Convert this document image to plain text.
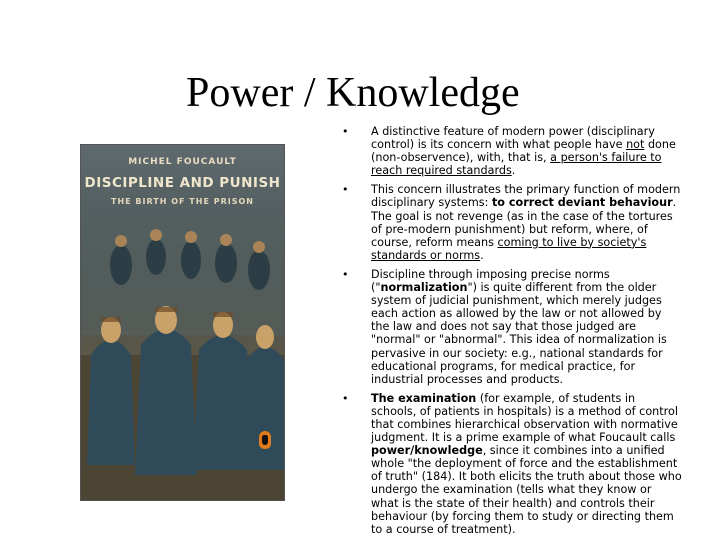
Power / Knowledge
MICHEL FOUCAULT
DISCIPLINE AND PUNISH
THE BIRTH OF THE PRISON
• A distinctive feature of modern power (disciplinary control) is its concern with what people have not done (non-observence), with, that is, a person's failure to reach required standards.
• This concern illustrates the primary function of modern disciplinary systems: to correct deviant behaviour. The goal is not revenge (as in the case of the tortures of pre-modern punishment) but reform, where, of course, reform means coming to live by society's standards or norms.
• Discipline through imposing precise norms ("normalization") is quite different from the older system of judicial punishment, which merely judges each action as allowed by the law or not allowed by the law and does not say that those judged are "normal" or "abnormal". This idea of normalization is pervasive in our society: e.g., national standards for educational programs, for medical practice, for industrial processes and products.
• The examination (for example, of students in schools, of patients in hospitals) is a method of control that combines hierarchical observation with normative judgment. It is a prime example of what Foucault calls power/knowledge, since it combines into a unified whole "the deployment of force and the establishment of truth" (184). It both elicits the truth about those who undergo the examination (tells what they know or what is the state of their health) and controls their behaviour (by forcing them to study or directing them to a course of treatment).
